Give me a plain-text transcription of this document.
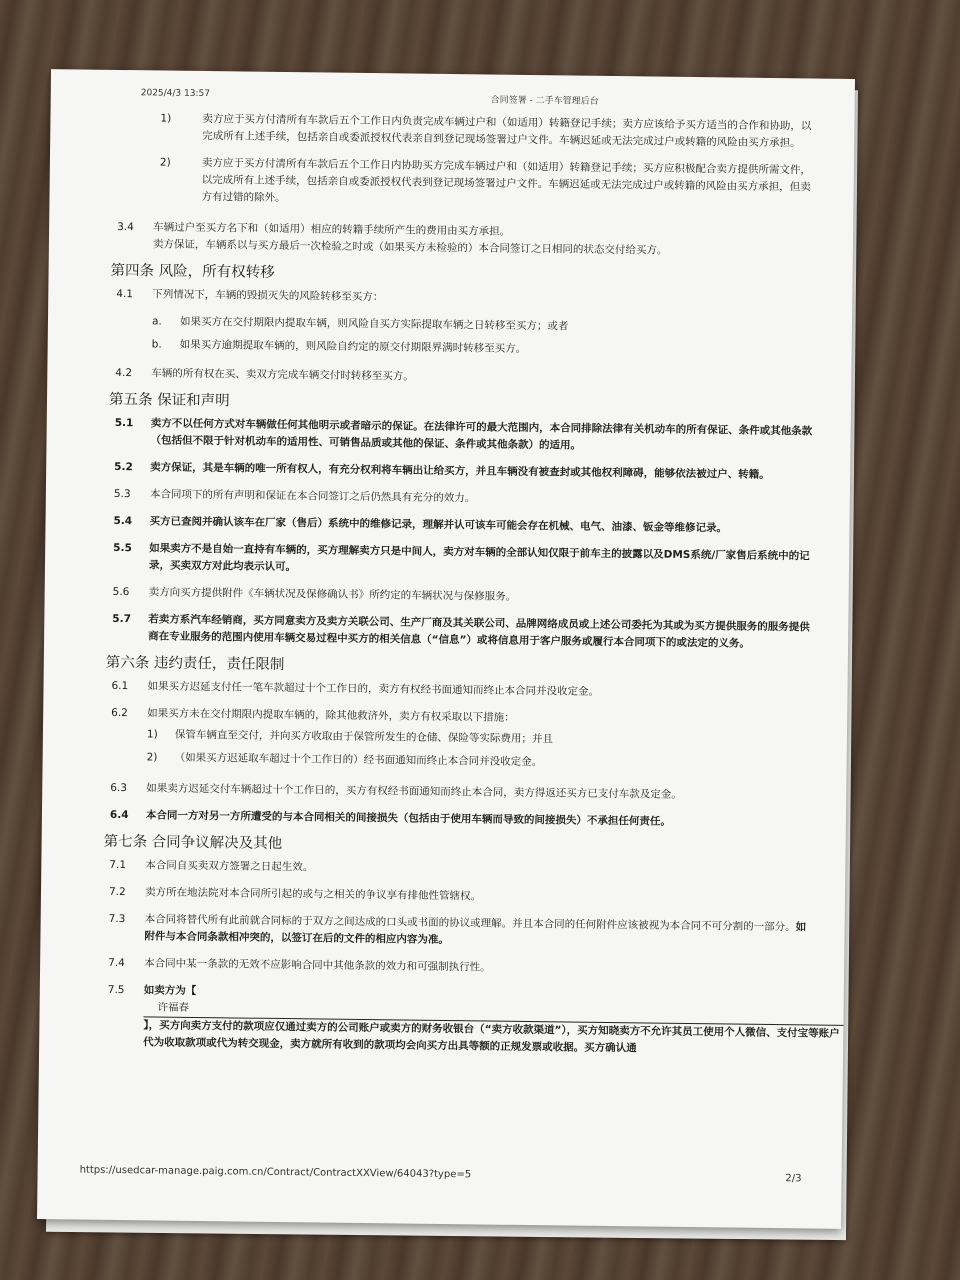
2025/4/3 13:57
合同签署 - 二手车管理后台
1)	卖方应于买方付清所有车款后五个工作日内负责完成车辆过户和（如适用）转籍登记手续；卖方应该给予买方适当的合作和协助，以完成所有上述手续，包括亲自或委派授权代表亲自到登记现场签署过户文件。车辆迟延或无法完成过户或转籍的风险由买方承担。
2)	卖方应于买方付清所有车款后五个工作日内协助买方完成车辆过户和（如适用）转籍登记手续；买方应积极配合卖方提供所需文件，以完成所有上述手续，包括亲自或委派授权代表到登记现场签署过户文件。车辆迟延或无法完成过户或转籍的风险由买方承担，但卖方有过错的除外。
3.4	车辆过户至买方名下和（如适用）相应的转籍手续所产生的费用由买方承担。
卖方保证，车辆系以与买方最后一次检验之时或（如果买方未检验的）本合同签订之日相同的状态交付给买方。
第四条 风险，所有权转移
4.1	下列情况下，车辆的毁损灭失的风险转移至买方：
a.	如果买方在交付期限内提取车辆，则风险自买方实际提取车辆之日转移至买方；或者
b.	如果买方逾期提取车辆的，则风险自约定的原交付期限界满时转移至买方。
4.2	车辆的所有权在买、卖双方完成车辆交付时转移至买方。
第五条 保证和声明
5.1	卖方不以任何方式对车辆做任何其他明示或者暗示的保证。在法律许可的最大范围内，本合同排除法律有关机动车的所有保证、条件或其他条款（包括但不限于针对机动车的适用性、可销售品质或其他的保证、条件或其他条款）的适用。
5.2	卖方保证，其是车辆的唯一所有权人，有充分权利将车辆出让给买方，并且车辆没有被查封或其他权利障碍，能够依法被过户、转籍。
5.3	本合同项下的所有声明和保证在本合同签订之后仍然具有充分的效力。
5.4	买方已查阅并确认该车在厂家（售后）系统中的维修记录，理解并认可该车可能会存在机械、电气、油漆、钣金等维修记录。
5.5	如果卖方不是自始一直持有车辆的，买方理解卖方只是中间人，卖方对车辆的全部认知仅限于前车主的披露以及DMS系统/厂家售后系统中的记录，买卖双方对此均表示认可。
5.6	卖方向买方提供附件《车辆状况及保修确认书》所约定的车辆状况与保修服务。
5.7	若卖方系汽车经销商，买方同意卖方及卖方关联公司、生产厂商及其关联公司、品牌网络成员或上述公司委托为其或为买方提供服务的服务提供商在专业服务的范围内使用车辆交易过程中买方的相关信息（“信息”）或将信息用于客户服务或履行本合同项下的或法定的义务。
第六条 违约责任，责任限制
6.1	如果买方迟延支付任一笔车款超过十个工作日的，卖方有权经书面通知而终止本合同并没收定金。
6.2	如果买方未在交付期限内提取车辆的，除其他救济外，卖方有权采取以下措施：
1)	保管车辆直至交付，并向买方收取由于保管所发生的仓储、保险等实际费用；并且
2)	（如果买方迟延取车超过十个工作日的）经书面通知而终止本合同并没收定金。
6.3	如果卖方迟延交付车辆超过十个工作日的，买方有权经书面通知而终止本合同，卖方得返还买方已支付车款及定金。
6.4	本合同一方对另一方所遭受的与本合同相关的间接损失（包括由于使用车辆而导致的间接损失）不承担任何责任。
第七条 合同争议解决及其他
7.1	本合同自买卖双方签署之日起生效。
7.2	卖方所在地法院对本合同所引起的或与之相关的争议享有排他性管辖权。
7.3	本合同将替代所有此前就合同标的于双方之间达成的口头或书面的协议或理解。并且本合同的任何附件应该被视为本合同不可分割的一部分。如附件与本合同条款相冲突的，以签订在后的文件的相应内容为准。
7.4	本合同中某一条款的无效不应影响合同中其他条款的效力和可强制执行性。
7.5	如卖方为【
许福春
】，买方向卖方支付的款项应仅通过卖方的公司账户或卖方的财务收银台（“卖方收款渠道”），买方知晓卖方不允许其员工使用个人微信、支付宝等账户代为收取款项或代为转交现金，卖方就所有收到的款项均会向买方出具等额的正规发票或收据。买方确认通
https://usedcar-manage.paig.com.cn/Contract/ContractXXView/64043?type=5	2/3
